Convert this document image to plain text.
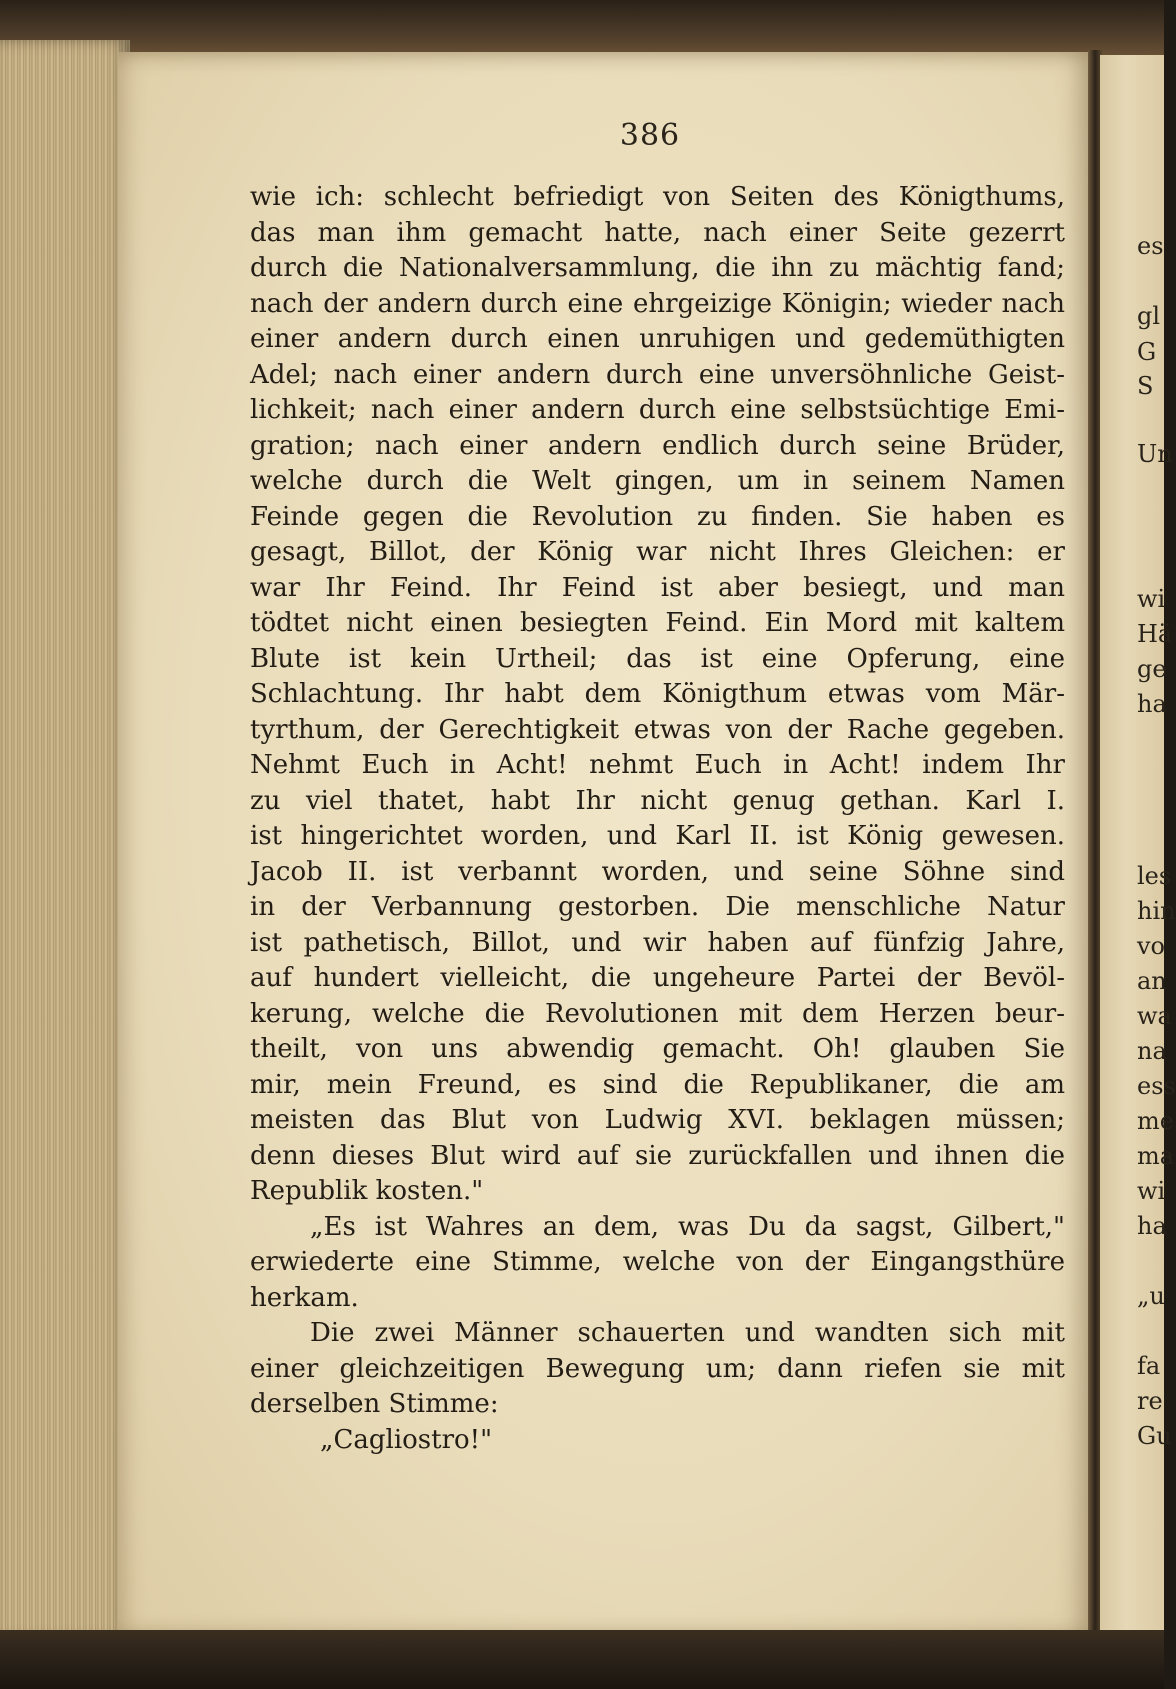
386
wie ich: schlecht befriedigt von Seiten des Königthums,
das man ihm gemacht hatte, nach einer Seite gezerrt
durch die Nationalversammlung, die ihn zu mächtig fand;
nach der andern durch eine ehrgeizige Königin; wieder nach
einer andern durch einen unruhigen und gedemüthigten
Adel; nach einer andern durch eine unversöhnliche Geist-
lichkeit; nach einer andern durch eine selbstsüchtige Emi-
gration; nach einer andern endlich durch seine Brüder,
welche durch die Welt gingen, um in seinem Namen
Feinde gegen die Revolution zu finden. Sie haben es
gesagt, Billot, der König war nicht Ihres Gleichen: er
war Ihr Feind. Ihr Feind ist aber besiegt, und man
tödtet nicht einen besiegten Feind. Ein Mord mit kaltem
Blute ist kein Urtheil; das ist eine Opferung, eine
Schlachtung. Ihr habt dem Königthum etwas vom Mär-
tyrthum, der Gerechtigkeit etwas von der Rache gegeben.
Nehmt Euch in Acht! nehmt Euch in Acht! indem Ihr
zu viel thatet, habt Ihr nicht genug gethan. Karl I.
ist hingerichtet worden, und Karl II. ist König gewesen.
Jacob II. ist verbannt worden, und seine Söhne sind
in der Verbannung gestorben. Die menschliche Natur
ist pathetisch, Billot, und wir haben auf fünfzig Jahre,
auf hundert vielleicht, die ungeheure Partei der Bevöl-
kerung, welche die Revolutionen mit dem Herzen beur-
theilt, von uns abwendig gemacht. Oh! glauben Sie
mir, mein Freund, es sind die Republikaner, die am
meisten das Blut von Ludwig XVI. beklagen müssen;
denn dieses Blut wird auf sie zurückfallen und ihnen die
Republik kosten."
„Es ist Wahres an dem, was Du da sagst, Gilbert,"
erwiederte eine Stimme, welche von der Eingangsthüre
herkam.
Die zwei Männer schauerten und wandten sich mit
einer gleichzeitigen Bewegung um; dann riefen sie mit
derselben Stimme:
„Cagliostro!"
es
gl
G
S
Un
wi
Hä
ge
ha
les
hin
vo
an
wa
na
ess
me
ma
wi
ha
„u
fa
re
Gu
